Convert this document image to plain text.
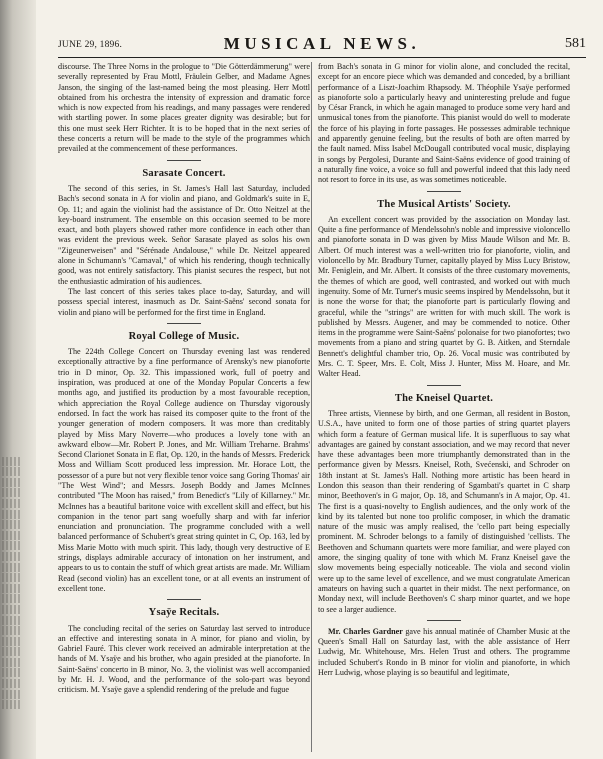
JUNE 29, 1896.	MUSICAL NEWS.	581

discourse. The Three Norns in the prologue to "Die Götterdämmerung" were severally represented by Frau Mottl, Fräulein Gelber, and Madame Agnes Janson, the singing of the last-named being the most pleasing. Herr Mottl obtained from his orchestra the intensity of expression and dramatic force which is now expected from his readings, and many passages were rendered with startling power. In some places greater dignity was desirable; but for this one must seek Herr Richter. It is to be hoped that in the next series of these concerts a return will be made to the style of the programmes which prevailed at the commencement of these performances.

Sarasate Concert.

The second of this series, in St. James's Hall last Saturday, included Bach's second sonata in A for violin and piano, and Goldmark's suite in E, Op. 11; and again the violinist had the assistance of Dr. Otto Neitzel at the key-board instrument. The ensemble on this occasion seemed to be more exact, and both players showed rather more confidence in each other than was evident the previous week. Señor Sarasate played as solos his own "Zigeunerweisen" and "Sérénade Andalouse," while Dr. Neitzel appeared alone in Schumann's "Carnaval," of which his rendering, though technically good, was not entirely satisfactory. This pianist secures the respect, but not the enthusiastic admiration of his audiences.

The last concert of this series takes place to-day, Saturday, and will possess special interest, inasmuch as Dr. Saint-Saëns' second sonata for violin and piano will be performed for the first time in England.

Royal College of Music.

The 224th College Concert on Thursday evening last was rendered exceptionally attractive by a fine performance of Arensky's new pianoforte trio in D minor, Op. 32. This impassioned work, full of poetry and inspiration, was produced at one of the Monday Popular Concerts a few months ago, and justified its production by a most favourable reception, which appreciation the Royal College audience on Thursday vigorously endorsed. In fact the work has raised its composer quite to the front of the younger generation of modern composers. It was more than creditably played by Miss Mary Noverre—who produces a lovely tone with an awkward elbow—Mr. Robert P. Jones, and Mr. William Treharne. Brahms' Second Clarionet Sonata in E flat, Op. 120, in the hands of Messrs. Frederick Moss and William Scott produced less impression. Mr. Horace Lott, the possessor of a pure but not very flexible tenor voice sang Goring Thomas' air "The West Wind"; and Messrs. Joseph Boddy and James McInnes contributed "The Moon has raised," from Benedict's "Lily of Killarney." Mr. McInnes has a beautiful baritone voice with excellent skill and effect, but his companion in the tenor part sang woefully sharp and with far inferior enunciation and pronunciation. The programme concluded with a well balanced performance of Schubert's great string quintet in C, Op. 163, led by Miss Marie Motto with much spirit. This lady, though very destructive of E strings, displays admirable accuracy of intonation on her instrument, and appears to us to contain the stuff of which great artists are made. Mr. William Read (second violin) has an excellent tone, or at all events an instrument of excellent tone.

Ysaÿe Recitals.

The concluding recital of the series on Saturday last served to introduce an effective and interesting sonata in A minor, for piano and violin, by Gabriel Fauré. This clever work received an admirable interpretation at the hands of M. Ysaÿe and his brother, who again presided at the pianoforte. In Saint-Saëns' concerto in B minor, No. 3, the violinist was well accompanied by Mr. H. J. Wood, and the performance of the solo-part was beyond criticism. M. Ysaÿe gave a splendid rendering of the prelude and fugue

from Bach's sonata in G minor for violin alone, and concluded the recital, except for an encore piece which was demanded and conceded, by a brilliant performance of a Liszt-Joachim Rhapsody. M. Théophile Ysaÿe performed as pianoforte solo a particularly heavy and uninteresting prelude and fugue by César Franck, in which he again managed to produce some very hard and unmusical tones from the pianoforte. This pianist would do well to moderate the force of his playing in forte passages. He possesses admirable technique and apparently genuine feeling, but the results of both are often marred by the fault named. Miss Isabel McDougall contributed vocal music, displaying in songs by Pergolesi, Durante and Saint-Saëns evidence of good training of a naturally fine voice, a voice so full and powerful indeed that this lady need not resort to force in its use, as was sometimes noticeable.

The Musical Artists' Society.

An excellent concert was provided by the association on Monday last. Quite a fine performance of Mendelssohn's noble and impressive violoncello and pianoforte sonata in D was given by Miss Maude Wilson and Mr. B. Albert. Of much interest was a well-written trio for pianoforte, violin, and violoncello by Mr. Bradbury Turner, capitally played by Miss Lucy Bristow, Mr. Feniglein, and Mr. Albert. It consists of the three customary movements, the themes of which are good, well contrasted, and worked out with much ingenuity. Some of Mr. Turner's music seems inspired by Mendelssohn, but it is none the worse for that; the pianoforte part is particularly flowing and graceful, while the "strings" are written for with much skill. The work is published by Messrs. Augener, and may be commended to notice. Other items in the programme were Saint-Saëns' polonaise for two pianofortes; two movements from a piano and string quartet by G. B. Aitken, and Sterndale Bennett's delightful chamber trio, Op. 26. Vocal music was contributed by Mrs. C. T. Speer, Mrs. E. Colt, Miss J. Hunter, Miss M. Hoare, and Mr. Walter Head.

The Kneisel Quartet.

Three artists, Viennese by birth, and one German, all resident in Boston, U.S.A., have united to form one of those parties of string quartet players which form a feature of German musical life. It is superfluous to say what advantages are gained by constant association, and we may record that never have these advantages been more triumphantly demonstrated than in the performance given by Messrs. Kneisel, Roth, Svećenski, and Schroder on 18th instant at St. James's Hall. Nothing more artistic has been heard in London this season than their rendering of Sgambati's quartet in C sharp minor, Beethoven's in G major, Op. 18, and Schumann's in A major, Op. 41. The first is a quasi-novelty to English audiences, and the only work of the kind by its talented but none too prolific composer, in which the dramatic nature of the music was amply realised, the 'cello part being especially prominent. M. Schroder belongs to a family of distinguished 'cellists. The Beethoven and Schumann quartets were more familiar, and were played con amore, the singing quality of tone with which M. Franz Kneisel gave the slow movements being especially noticeable. The viola and second violin were up to the same level of excellence, and we must congratulate American amateurs on having such a quartet in their midst. The next performance, on Monday next, will include Beethoven's C sharp minor quartet, and we hope to see a larger audience.

Mr. Charles Gardner gave his annual matinée of Chamber Music at the Queen's Small Hall on Saturday last, with the able assistance of Herr Ludwig, Mr. Whitehouse, Mrs. Helen Trust and others. The programme included Schubert's Rondo in B minor for violin and pianoforte, in which Herr Ludwig, whose playing is so beautiful and legitimate,
